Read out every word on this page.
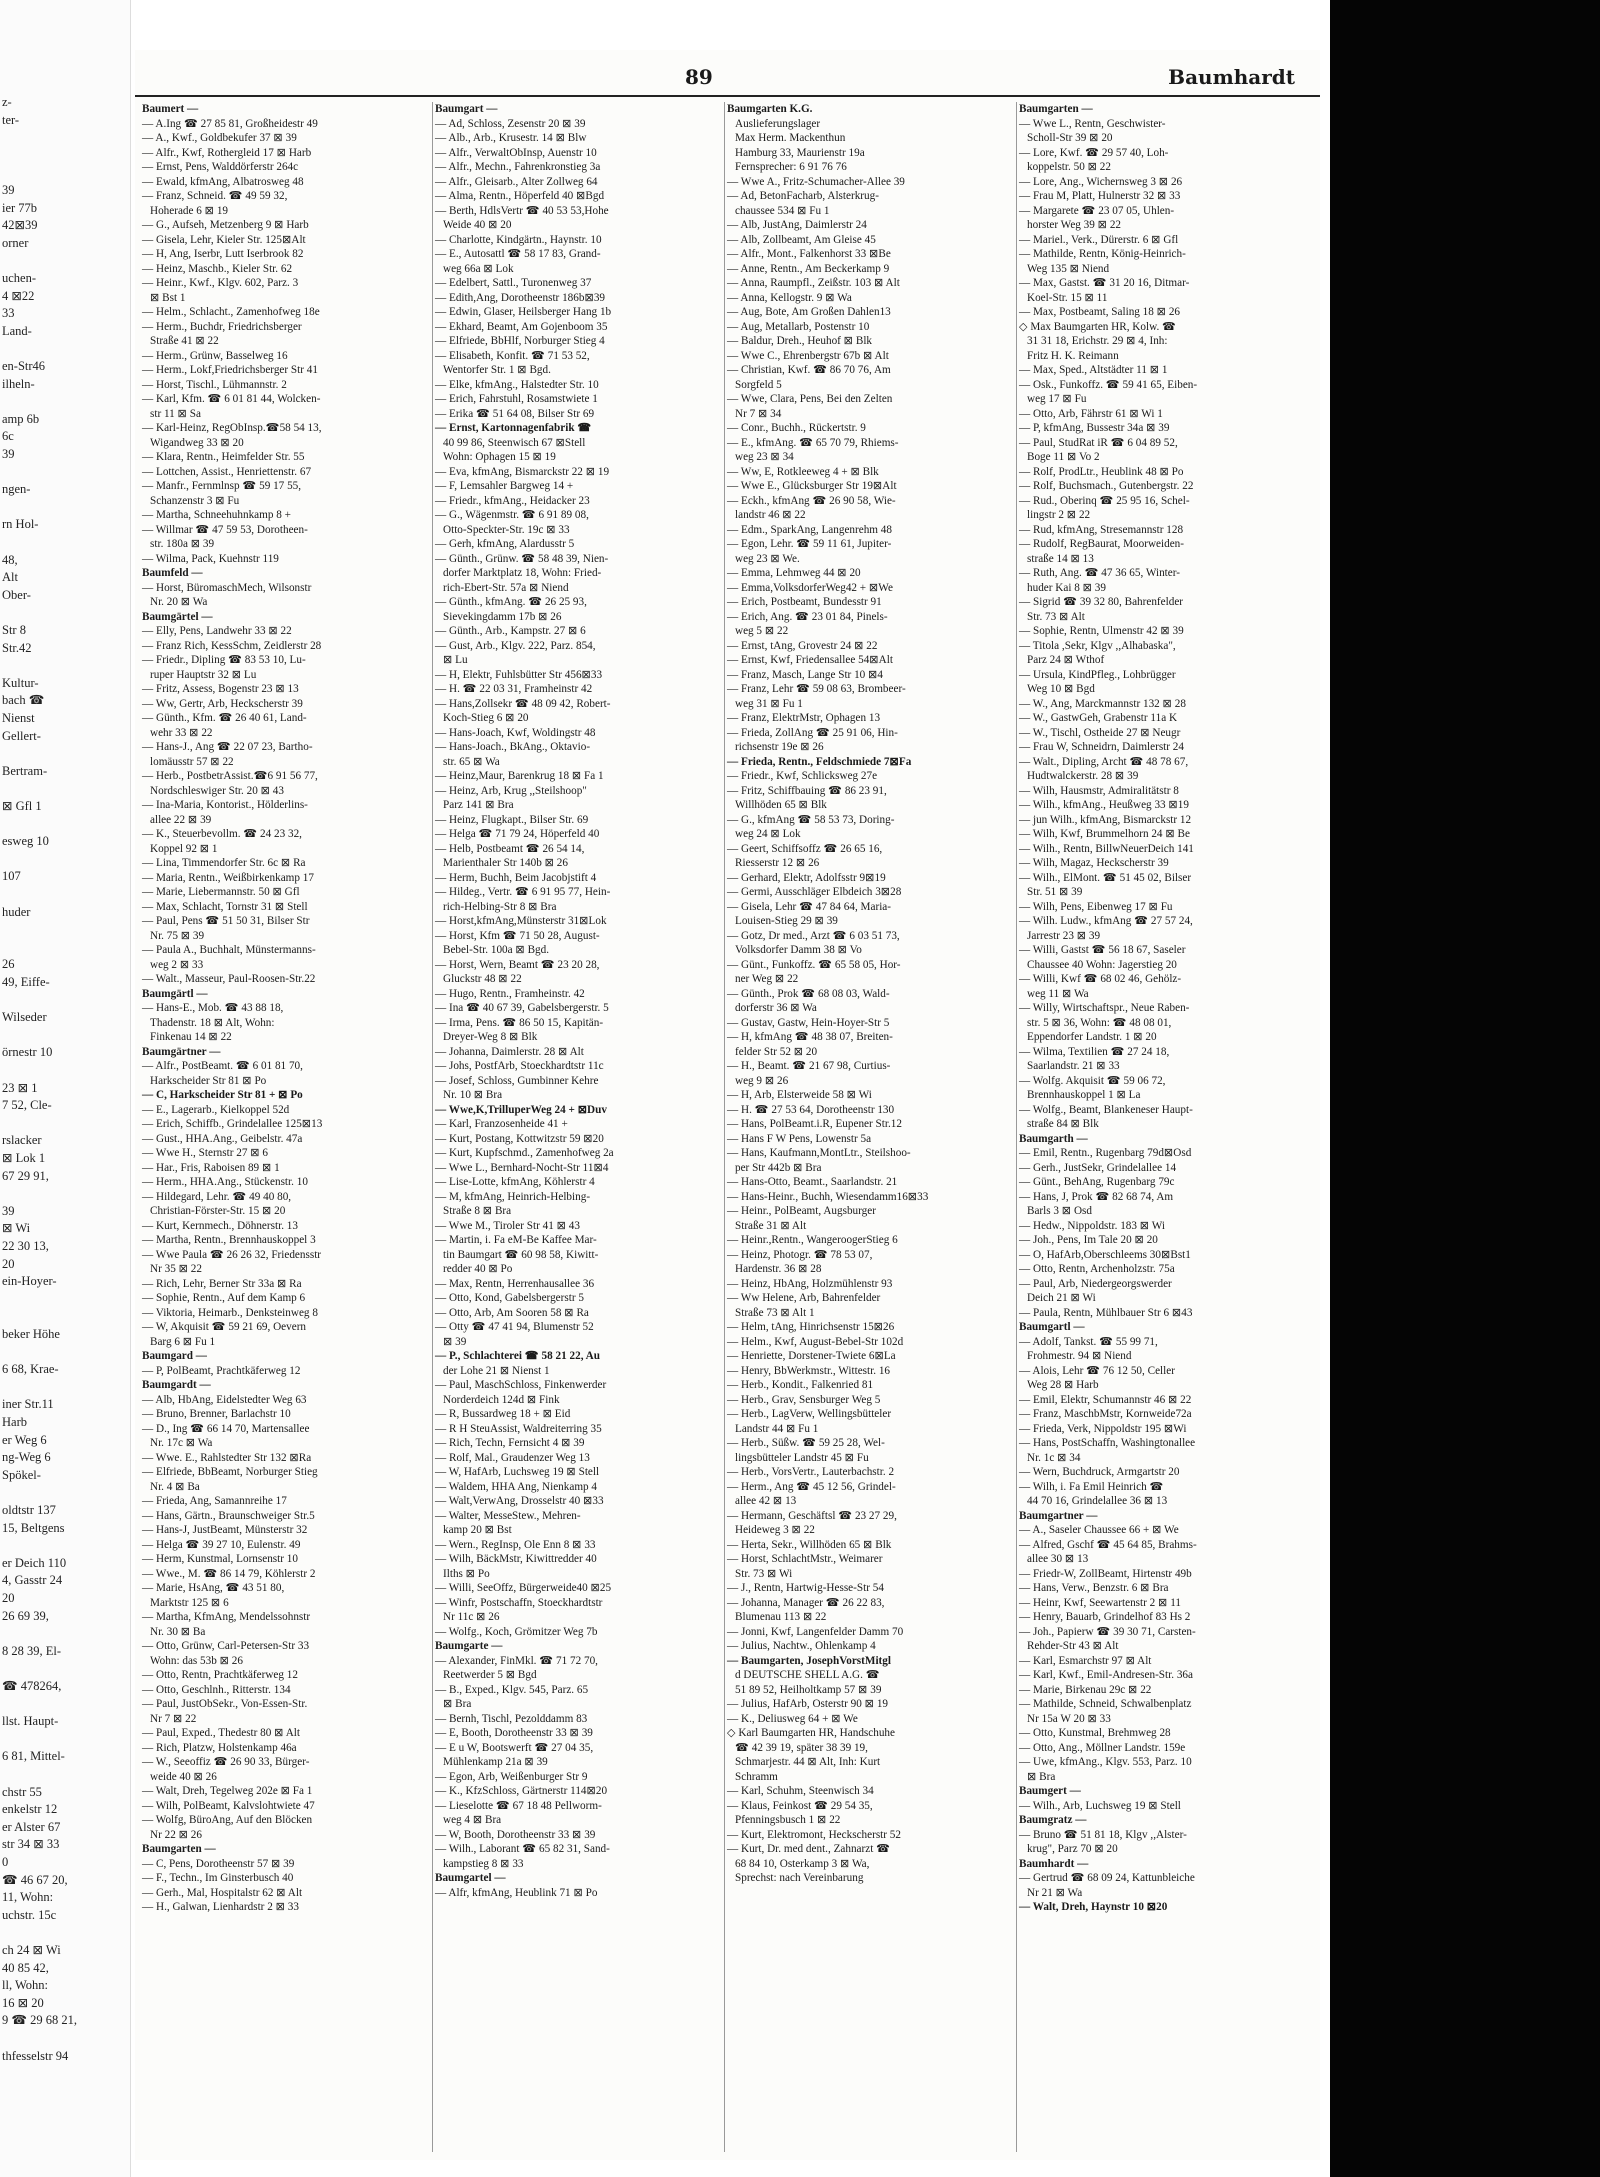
z-
ter-
39
ier 77b
42⊠39
orner
uchen-
4 ⊠22
33
Land-
en-Str46
ilheln-
amp 6b
6c
39
ngen-
rn Hol-
48,
Alt
Ober-
Str 8
Str.42
Kultur-
bach ☎
Nienst
Gellert-
Bertram-
⊠ Gfl 1
esweg 10
107
huder
26
49, Eiffe-
Wilseder
örnestr 10
23 ⊠ 1
7 52, Cle-
rslacker
⊠ Lok 1
67 29 91,
39
⊠ Wi
22 30 13,
20
ein-Hoyer-
beker Höhe
6 68, Krae-
iner Str.11
Harb
er Weg 6
ng-Weg 6
Spökel-
oldtstr 137
15, Beltgens
er Deich 110
4, Gasstr 24
20
26 69 39,
8 28 39, El-
☎ 478264,
llst. Haupt-
6 81, Mittel-
chstr 55
enkelstr 12
er Alster 67
str 34 ⊠ 33
0
☎ 46 67 20,
11, Wohn:
uchstr. 15c
ch 24 ⊠ Wi
40 85 42,
ll, Wohn:
16 ⊠ 20
9 ☎ 29 68 21,
thfesselstr 94
89	Baumhardt
Baumert —
— A.Ing ☎ 27 85 81, Großheidestr 49
— A., Kwf., Goldbekufer 37 ⊠ 39
— Alfr., Kwf, Rothergleid 17 ⊠ Harb
— Ernst, Pens, Walddörferstr 264c
— Ewald, kfmAng, Albatrosweg 48
— Franz, Schneid. ☎ 49 59 32,
Hoheradе 6 ⊠ 19
— G., Aufseh, Metzenberg 9 ⊠ Harb
— Gisela, Lehr, Kieler Str. 125⊠Alt
— H, Ang, Iserbr, Lutt Iserbrook 82
— Heinz, Maschb., Kieler Str. 62
— Heinr., Kwf., Klgv. 602, Parz. 3
⊠ Bst 1
— Helm., Schlacht., Zamenhofweg 18e
— Herm., Buchdr, Friedrichsberger
Straße 41 ⊠ 22
— Herm., Grünw, Basselweg 16
— Herm., Lokf,Friedrichsberger Str 41
— Horst, Tischl., Lühmannstr. 2
— Karl, Kfm. ☎ 6 01 81 44, Wolcken-
str 11 ⊠ Sa
— Karl-Heinz, RegObInsp.☎58 54 13,
Wigandweg 33 ⊠ 20
— Klara, Rentn., Heimfelder Str. 55
— Lottchen, Assist., Henriettenstr. 67
— Manfr., Fernmlnsp ☎ 59 17 55,
Schanzenstr 3 ⊠ Fu
— Martha, Schneehuhnkamp 8 +
— Willmar ☎ 47 59 53, Dorotheen-
str. 180a ⊠ 39
— Wilma, Pack, Kuehnstr 119
Baumfeld —
— Horst, BüromaschMech, Wilsonstr
Nr. 20 ⊠ Wa
Baumgärtel —
— Elly, Pens, Landwehr 33 ⊠ 22
— Franz Rich, KessSchm, Zeidlerstr 28
— Friedr., Dipling ☎ 83 53 10, Lu-
ruper Hauptstr 32 ⊠ Lu
— Fritz, Assess, Bogenstr 23 ⊠ 13
— Ww, Gertr, Arb, Heckscherstr 39
— Günth., Kfm. ☎ 26 40 61, Land-
wehr 33 ⊠ 22
— Hans-J., Ang ☎ 22 07 23, Bartho-
lomäusstr 57 ⊠ 22
— Herb., PostbetrAssist.☎6 91 56 77,
Nordschleswiger Str. 20 ⊠ 43
— Ina-Maria, Kontorist., Hölderlins-
allee 22 ⊠ 39
— K., Steuerbevollm. ☎ 24 23 32,
Koppel 92 ⊠ 1
— Lina, Timmendorfer Str. 6c ⊠ Ra
— Maria, Rentn., Weißbirkenkamp 17
— Marie, Liebermannstr. 50 ⊠ Gfl
— Max, Schlacht, Tornstr 31 ⊠ Stell
— Paul, Pens ☎ 51 50 31, Bilser Str
Nr. 75 ⊠ 39
— Paula A., Buchhalt, Münstermanns-
weg 2 ⊠ 33
— Walt., Masseur, Paul-Roosen-Str.22
Baumgärtl —
— Hans-E., Mob. ☎ 43 88 18,
Thadenstr. 18 ⊠ Alt, Wohn:
Finkenau 14 ⊠ 22
Baumgärtner —
— Alfr., PostBeamt. ☎ 6 01 81 70,
Harkscheider Str 81 ⊠ Po
— C, Harkscheider Str 81 + ⊠ Po
— E., Lagerarb., Kielkoppel 52d
— Erich, Schiffb., Grindelallee 125⊠13
— Gust., HHA.Ang., Geibelstr. 47a
— Wwe H., Sternstr 27 ⊠ 6
— Har., Fris, Raboisen 89 ⊠ 1
— Herm., HHA.Ang., Stückenstr. 10
— Hildegard, Lehr. ☎ 49 40 80,
Christian-Förster-Str. 15 ⊠ 20
— Kurt, Kernmech., Döhnerstr. 13
— Martha, Rentn., Brennhauskoppel 3
— Wwe Paula ☎ 26 26 32, Friedensstr
Nr 35 ⊠ 22
— Rich, Lehr, Berner Str 33a ⊠ Ra
— Sophie, Rentn., Auf dem Kamp 6
— Viktoria, Heimarb., Denksteinweg 8
— W, Akquisit ☎ 59 21 69, Oevern
Barg 6 ⊠ Fu 1
Baumgard —
— P, PolBeamt, Prachtkäferweg 12
Baumgardt —
— Alb, HbAng, Eidelstedter Weg 63
— Bruno, Brenner, Barlachstr 10
— D., Ing ☎ 66 14 70, Martensallee
Nr. 17c ⊠ Wa
— Wwe. E., Rahlstedter Str 132 ⊠Ra
— Elfriede, BbBeamt, Norburger Stieg
Nr. 4 ⊠ Ba
— Frieda, Ang, Samannreihe 17
— Hans, Gärtn., Braunschweiger Str.5
— Hans-J, JustBeamt, Münsterstr 32
— Helga ☎ 39 27 10, Eulenstr. 49
— Herm, Kunstmal, Lornsenstr 10
— Wwe., M. ☎ 86 14 79, Köhlerstr 2
— Marie, HsAng, ☎ 43 51 80,
Marktstr 125 ⊠ 6
— Martha, KfmAng, Mendelssohnstr
Nr. 30 ⊠ Ba
— Otto, Grünw, Carl-Petersen-Str 33
Wohn: das 53b ⊠ 26
— Otto, Rentn, Prachtkäferweg 12
— Otto, Geschlnh., Ritterstr. 134
— Paul, JustObSekr., Von-Essen-Str.
Nr 7 ⊠ 22
— Paul, Exped., Thedestr 80 ⊠ Alt
— Rich, Platzw, Holstenkamp 46a
— W., Seeoffiz ☎ 26 90 33, Bürger-
weide 40 ⊠ 26
— Walt, Dreh, Tegelweg 202e ⊠ Fa 1
— Wilh, PolBeamt, Kalvslohtwiete 47
— Wolfg, BüroAng, Auf den Blöcken
Nr 22 ⊠ 26
Baumgarten —
— C, Pens, Dorotheenstr 57 ⊠ 39
— F., Techn., Im Ginsterbusch 40
— Gerh., Mal, Hospitalstr 62 ⊠ Alt
— H., Galwan, Lienhardstr 2 ⊠ 33
Baumgart —
— Ad, Schloss, Zesenstr 20 ⊠ 39
— Alb., Arb., Krusestr. 14 ⊠ Blw
— Alfr., VerwaltObInsp, Auenstr 10
— Alfr., Mechn., Fahrenkronstieg 3a
— Alfr., Gleisarb., Alter Zollweg 64
— Alma, Rentn., Höperfeld 40 ⊠Bgd
— Berth, HdlsVertr ☎ 40 53 53,Hohe
Weide 40 ⊠ 20
— Charlotte, Kindgärtn., Haynstr. 10
— E., Autosattl ☎ 58 17 83, Grand-
weg 66a ⊠ Lok
— Edelbert, Sattl., Turonenweg 37
— Edith,Ang, Dorotheenstr 186b⊠39
— Edwin, Glaser, Heilsberger Hang 1b
— Ekhard, Beamt, Am Gojenboom 35
— Elfriede, BbHlf, Norburger Stieg 4
— Elisabeth, Konfit. ☎ 71 53 52,
Wentorfer Str. 1 ⊠ Bgd.
— Elke, kfmAng., Halstedter Str. 10
— Erich, Fahrstuhl, Rosamstwiete 1
— Erika ☎ 51 64 08, Bilser Str 69
— Ernst, Kartonnagenfabrik ☎
40 99 86, Steenwisch 67 ⊠Stell
Wohn: Ophagen 15 ⊠ 19
— Eva, kfmAng, Bismarckstr 22 ⊠ 19
— F, Lemsahler Bargweg 14 +
— Friedr., kfmAng., Heidacker 23
— G., Wägenmstr. ☎ 6 91 89 08,
Otto-Speckter-Str. 19c ⊠ 33
— Gerh, kfmAng, Alardusstr 5
— Günth., Grünw. ☎ 58 48 39, Nien-
dorfer Marktplatz 18, Wohn: Fried-
rich-Ebert-Str. 57a ⊠ Niend
— Günth., kfmAng. ☎ 26 25 93,
Sievekingdamm 17b ⊠ 26
— Günth., Arb., Kampstr. 27 ⊠ 6
— Gust, Arb., Klgv. 222, Parz. 854,
⊠ Lu
— H, Elektr, Fuhlsbütter Str 456⊠33
— H. ☎ 22 03 31, Framheinstr 42
— Hans,Zollsekr ☎ 48 09 42, Robert-
Koch-Stieg 6 ⊠ 20
— Hans-Joach, Kwf, Woldingstr 48
— Hans-Joach., BkAng., Oktavio-
str. 65 ⊠ Wa
— Heinz,Maur, Barenkrug 18 ⊠ Fa 1
— Heinz, Arb, Krug ,,Steilshoop"
Parz 141 ⊠ Bra
— Heinz, Flugkapt., Bilser Str. 69
— Helga ☎ 71 79 24, Höperfeld 40
— Helb, Postbeamt ☎ 26 54 14,
Marienthaler Str 140b ⊠ 26
— Herm, Buchh, Beim Jacobjstift 4
— Hildeg., Vertr. ☎ 6 91 95 77, Hein-
rich-Helbing-Str 8 ⊠ Bra
— Horst,kfmAng,Münsterstr 31⊠Lok
— Horst, Kfm ☎ 71 50 28, August-
Bebel-Str. 100a ⊠ Bgd.
— Horst, Wern, Beamt ☎ 23 20 28,
Gluckstr 48 ⊠ 22
— Hugo, Rentn., Framheinstr. 42
— Ina ☎ 40 67 39, Gabelsbergerstr. 5
— Irma, Pens. ☎ 86 50 15, Kapitän-
Dreyer-Weg 8 ⊠ Blk
— Johanna, Daimlerstr. 28 ⊠ Alt
— Johs, PostfArb, Stoeckhardtstr 11c
— Josef, Schloss, Gumbinner Kehre
Nr. 10 ⊠ Bra
— Wwe,K,TrilluperWeg 24 + ⊠Duv
— Karl, Franzosenheide 41 +
— Kurt, Postang, Kottwitzstr 59 ⊠20
— Kurt, Kupfschmd., Zamenhofweg 2a
— Wwe L., Bernhard-Nocht-Str 11⊠4
— Lise-Lotte, kfmAng, Köhlerstr 4
— M, kfmAng, Heinrich-Helbing-
Straße 8 ⊠ Bra
— Wwe M., Tiroler Str 41 ⊠ 43
— Martin, i. Fa eM-Be Kaffee Mar-
tin Baumgart ☎ 60 98 58, Kiwitt-
redder 40 ⊠ Po
— Max, Rentn, Herrenhausallee 36
— Otto, Kond, Gabelsbergerstr 5
— Otto, Arb, Am Sooren 58 ⊠ Ra
— Otty ☎ 47 41 94, Blumenstr 52
⊠ 39
— P., Schlachterei ☎ 58 21 22, Au
der Lohe 21 ⊠ Nienst 1
— Paul, MaschSchloss, Finkenwerder
Norderdeich 124d ⊠ Fink
— R, Bussardweg 18 + ⊠ Eid
— R H SteuAssist, Waldreiterring 35
— Rich, Techn, Fernsicht 4 ⊠ 39
— Rolf, Mal., Graudenzer Weg 13
— W, HafArb, Luchsweg 19 ⊠ Stell
— Waldem, HHA Ang, Nienkamp 4
— Walt,VerwAng, Drosselstr 40 ⊠33
— Walter, MesseStew., Mehren-
kamp 20 ⊠ Bst
— Wern., RegInsp, Ole Enn 8 ⊠ 33
— Wilh, BäckMstr, Kiwittredder 40
Ilths ⊠ Po
— Willi, SeeOffz, Bürgerweide40 ⊠25
— Winfr, Postschaffn, Stoeckhardtstr
Nr 11c ⊠ 26
— Wolfg., Koch, Grömitzer Weg 7b
Baumgarte —
— Alexander, FinMkl. ☎ 71 72 70,
Reetwerder 5 ⊠ Bgd
— B., Exped., Klgv. 545, Parz. 65
⊠ Bra
— Bernh, Tischl, Pezolddamm 83
— E, Booth, Dorotheenstr 33 ⊠ 39
— E u W, Bootswerft ☎ 27 04 35,
Mühlenkamp 21a ⊠ 39
— Egon, Arb, Weißenburger Str 9
— K., KfzSchloss, Gärtnerstr 114⊠20
— Lieselotte ☎ 67 18 48 Pellworm-
weg 4 ⊠ Bra
— W, Booth, Dorotheenstr 33 ⊠ 39
— Wilh., Laborant ☎ 65 82 31, Sand-
kampstieg 8 ⊠ 33
Baumgartel —
— Alfr, kfmAng, Heublink 71 ⊠ Po
Baumgarten K.G.
Auslieferungslager
Max Herm. Mackenthun
Hamburg 33, Maurienstr 19a
Fernsprecher: 6 91 76 76
— Wwe A., Fritz-Schumacher-Allee 39
— Ad, BetonFacharb, Alsterkrug-
chaussee 534 ⊠ Fu 1
— Alb, JustAng, Daimlerstr 24
— Alb, Zollbeamt, Am Gleise 45
— Alfr., Mont., Falkenhorst 33 ⊠Be
— Anne, Rentn., Am Beckerkamp 9
— Anna, Raumpfl., Zeißstr. 103 ⊠ Alt
— Anna, Kellogstr. 9 ⊠ Wa
— Aug, Bote, Am Großen Dahlen13
— Aug, Metallarb, Postenstr 10
— Baldur, Dreh., Heuhof ⊠ Blk
— Wwe C., Ehrenbergstr 67b ⊠ Alt
— Christian, Kwf. ☎ 86 70 76, Am
Sorgfeld 5
— Wwe, Clara, Pens, Bei den Zelten
Nr 7 ⊠ 34
— Conr., Buchh., Rückertstr. 9
— E., kfmAng. ☎ 65 70 79, Rhiems-
weg 23 ⊠ 34
— Ww, E, Rotkleeweg 4 + ⊠ Blk
— Wwe E., Glücksburger Str 19⊠Alt
— Eckh., kfmAng ☎ 26 90 58, Wie-
landstr 46 ⊠ 22
— Edm., SparkAng, Langenrehm 48
— Egon, Lehr. ☎ 59 11 61, Jupiter-
weg 23 ⊠ We.
— Emma, Lehmweg 44 ⊠ 20
— Emma,VolksdorferWeg42 + ⊠We
— Erich, Postbeamt, Bundesstr 91
— Erich, Ang. ☎ 23 01 84, Pinels-
weg 5 ⊠ 22
— Ernst, tAng, Grovestr 24 ⊠ 22
— Ernst, Kwf, Friedensallee 54⊠Alt
— Franz, Masch, Lange Str 10 ⊠4
— Franz, Lehr ☎ 59 08 63, Brombeer-
weg 31 ⊠ Fu 1
— Franz, ElektrMstr, Ophagen 13
— Frieda, ZollAng ☎ 25 91 06, Hin-
richsenstr 19e ⊠ 26
— Frieda, Rentn., Feldschmiede 7⊠Fa
— Friedr., Kwf, Schlicksweg 27e
— Fritz, Schiffbauing ☎ 86 23 91,
Willhöden 65 ⊠ Blk
— G., kfmAng ☎ 58 53 73, Doring-
weg 24 ⊠ Lok
— Geert, Schiffsoffz ☎ 26 65 16,
Riesserstr 12 ⊠ 26
— Gerhard, Elektr, Adolfsstr 9⊠19
— Germi, Ausschläger Elbdeich 3⊠28
— Gisela, Lehr ☎ 47 84 64, Maria-
Louisen-Stieg 29 ⊠ 39
— Gotz, Dr med., Arzt ☎ 6 03 51 73,
Volksdorfer Damm 38 ⊠ Vo
— Günt., Funkoffz. ☎ 65 58 05, Hor-
ner Weg ⊠ 22
— Günth., Prok ☎ 68 08 03, Wald-
dorferstr 36 ⊠ Wa
— Gustav, Gastw, Hein-Hoyer-Str 5
— H, kfmAng ☎ 48 38 07, Breiten-
felder Str 52 ⊠ 20
— H., Beamt. ☎ 21 67 98, Curtius-
weg 9 ⊠ 26
— H, Arb, Elsterweide 58 ⊠ Wi
— H. ☎ 27 53 64, Dorotheenstr 130
— Hans, PolBeamt.i.R, Eupener Str.12
— Hans F W Pens, Lowenstr 5a
— Hans, Kaufmann,MontLtr., Steilshoo-
per Str 442b ⊠ Bra
— Hans-Otto, Beamt., Saarlandstr. 21
— Hans-Heinr., Buchh, Wiesendamm16⊠33
— Heinr., PolBeamt, Augsburger
Straße 31 ⊠ Alt
— Heinr.,Rentn., WangeroogerStieg 6
— Heinz, Photogr. ☎ 78 53 07,
Hardenstr. 36 ⊠ 28
— Heinz, HbAng, Holzmühlenstr 93
— Ww Helene, Arb, Bahrenfelder
Straße 73 ⊠ Alt 1
— Helm, tAng, Hinrichsenstr 15⊠26
— Helm., Kwf, August-Bebel-Str 102d
— Henriette, Dorstener-Twiete 6⊠La
— Henry, BbWerkmstr., Wittestr. 16
— Herb., Kondit., Falkenried 81
— Herb., Grav, Sensburger Weg 5
— Herb., LagVerw, Wellingsbütteler
Landstr 44 ⊠ Fu 1
— Herb., Süßw. ☎ 59 25 28, Wel-
lingsbütteler Landstr 45 ⊠ Fu
— Herb., VorsVertr., Lauterbachstr. 2
— Herm., Ang ☎ 45 12 56, Grindel-
allee 42 ⊠ 13
— Hermann, Geschäftsl ☎ 23 27 29,
Heideweg 3 ⊠ 22
— Herta, Sekr., Willhöden 65 ⊠ Blk
— Horst, SchlachtMstr., Weimarer
Str. 73 ⊠ Wi
— J., Rentn, Hartwig-Hesse-Str 54
— Johanna, Manager ☎ 26 22 83,
Blumenau 113 ⊠ 22
— Jonni, Kwf, Langenfelder Damm 70
— Julius, Nachtw., Ohlenkamp 4
— Baumgarten, JosephVorstMitgl
d DEUTSCHE SHELL A.G. ☎
51 89 52, Heilholtkamp 57 ⊠ 39
— Julius, HafArb, Osterstr 90 ⊠ 19
— K., Deliusweg 64 + ⊠ We
◇ Karl Baumgarten HR, Handschuhe
☎ 42 39 19, später 38 39 19,
Schmarjestr. 44 ⊠ Alt, Inh: Kurt
Schramm
— Karl, Schuhm, Steenwisch 34
— Klaus, Feinkost ☎ 29 54 35,
Pfenningsbusch 1 ⊠ 22
— Kurt, Elektromont, Heckscherstr 52
— Kurt, Dr. med dent., Zahnarzt ☎
68 84 10, Osterkamp 3 ⊠ Wa,
Sprechst: nach Vereinbarung
Baumgarten —
— Wwe L., Rentn, Geschwister-
Scholl-Str 39 ⊠ 20
— Lore, Kwf. ☎ 29 57 40, Loh-
koppelstr. 50 ⊠ 22
— Lore, Ang., Wichernsweg 3 ⊠ 26
— Frau M, Platt, Hulnerstr 32 ⊠ 33
— Margarete ☎ 23 07 05, Uhlen-
horster Weg 39 ⊠ 22
— Mariel., Verk., Dürerstr. 6 ⊠ Gfl
— Mathilde, Rentn, König-Heinrich-
Weg 135 ⊠ Niend
— Max, Gastst. ☎ 31 20 16, Ditmar-
Koel-Str. 15 ⊠ 11
— Max, Postbeamt, Saling 18 ⊠ 26
◇ Max Baumgarten HR, Kolw. ☎
31 31 18, Erichstr. 29 ⊠ 4, Inh:
Fritz H. K. Reimann
— Max, Sped., Altstädter 11 ⊠ 1
— Osk., Funkoffz. ☎ 59 41 65, Eiben-
weg 17 ⊠ Fu
— Otto, Arb, Fährstr 61 ⊠ Wi 1
— P, kfmAng, Bussestr 34a ⊠ 39
— Paul, StudRat iR ☎ 6 04 89 52,
Boge 11 ⊠ Vo 2
— Rolf, ProdLtr., Heublink 48 ⊠ Po
— Rolf, Buchsmach., Gutenbergstr. 22
— Rud., Oberinq ☎ 25 95 16, Schel-
lingstr 2 ⊠ 22
— Rud, kfmAng, Stresemannstr 128
— Rudolf, RegBaurat, Moorweiden-
straße 14 ⊠ 13
— Ruth, Ang. ☎ 47 36 65, Winter-
huder Kai 8 ⊠ 39
— Sigrid ☎ 39 32 80, Bahrenfelder
Str. 73 ⊠ Alt
— Sophie, Rentn, Ulmenstr 42 ⊠ 39
— Titola ,Sekr, Klgv ,,Alhabaska",
Parz 24 ⊠ Wthof
— Ursula, KindPfleg., Lohbrügger
Weg 10 ⊠ Bgd
— W., Ang, Marckmannstr 132 ⊠ 28
— W., GastwGeh, Grabenstr 11a K
— W., Tischl, Ostheide 27 ⊠ Neugr
— Frau W, Schneidrn, Daimlerstr 24
— Walt., Dipling, Archt ☎ 48 78 67,
Hudtwalckerstr. 28 ⊠ 39
— Wilh, Hausmstr, Admiralitätstr 8
— Wilh., kfmAng., Heußweg 33 ⊠19
— jun Wilh., kfmAng, Bismarckstr 12
— Wilh, Kwf, Brummelhorn 24 ⊠ Be
— Wilh., Rentn, BillwNeuerDeich 141
— Wilh, Magaz, Heckscherstr 39
— Wilh., ElMont. ☎ 51 45 02, Bilser
Str. 51 ⊠ 39
— Wilh, Pens, Eibenweg 17 ⊠ Fu
— Wilh. Ludw., kfmAng ☎ 27 57 24,
Jarrestr 23 ⊠ 39
— Willi, Gastst ☎ 56 18 67, Saseler
Chaussee 40 Wohn: Jagerstieg 20
— Willi, Kwf ☎ 68 02 46, Gehölz-
weg 11 ⊠ Wa
— Willy, Wirtschaftspr., Neue Raben-
str. 5 ⊠ 36, Wohn: ☎ 48 08 01,
Eppendorfer Landstr. 1 ⊠ 20
— Wilma, Textilien ☎ 27 24 18,
Saarlandstr. 21 ⊠ 33
— Wolfg. Akquisit ☎ 59 06 72,
Brennhauskoppel 1 ⊠ La
— Wolfg., Beamt, Blankeneser Haupt-
straße 84 ⊠ Blk
Baumgarth —
— Emil, Rentn., Rugenbarg 79d⊠Osd
— Gerh., JustSekr, Grindelallee 14
— Günt., BehAng, Rugenbarg 79c
— Hans, J, Prok ☎ 82 68 74, Am
Barls 3 ⊠ Osd
— Hedw., Nippoldstr. 183 ⊠ Wi
— Joh., Pens, Im Tale 20 ⊠ 20
— O, HafArb,Oberschleems 30⊠Bst1
— Otto, Rentn, Archenholzstr. 75a
— Paul, Arb, Niedergeorgswerder
Deich 21 ⊠ Wi
— Paula, Rentn, Mühlbauer Str 6 ⊠43
Baumgartl —
— Adolf, Tankst. ☎ 55 99 71,
Frohmestr. 94 ⊠ Niend
— Alois, Lehr ☎ 76 12 50, Celler
Weg 28 ⊠ Harb
— Emil, Elektr, Schumannstr 46 ⊠ 22
— Franz, MaschbMstr, Kornweide72a
— Frieda, Verk, Nippoldstr 195 ⊠Wi
— Hans, PostSchaffn, Washingtonallee
Nr. 1c ⊠ 34
— Wern, Buchdruck, Armgartstr 20
— Wilh, i. Fa Emil Heinrich ☎
44 70 16, Grindelallee 36 ⊠ 13
Baumgartner —
— A., Saseler Chaussee 66 + ⊠ We
— Alfred, Gschf ☎ 45 64 85, Brahms-
allee 30 ⊠ 13
— Friedr-W, ZollBeamt, Hirtenstr 49b
— Hans, Verw., Benzstr. 6 ⊠ Bra
— Heinr, Kwf, Seewartenstr 2 ⊠ 11
— Henry, Bauarb, Grindelhof 83 Hs 2
— Joh., Papierw ☎ 39 30 71, Carsten-
Rehder-Str 43 ⊠ Alt
— Karl, Esmarchstr 97 ⊠ Alt
— Karl, Kwf., Emil-Andresen-Str. 36a
— Marie, Birkenau 29c ⊠ 22
— Mathilde, Schneid, Schwalbenplatz
Nr 15a W 20 ⊠ 33
— Otto, Kunstmal, Brehmweg 28
— Otto, Ang., Möllner Landstr. 159e
— Uwe, kfmAng., Klgv. 553, Parz. 10
⊠ Bra
Baumgert —
— Wilh., Arb, Luchsweg 19 ⊠ Stell
Baumgratz —
— Bruno ☎ 51 81 18, Klgv ,,Alster-
krug", Parz 70 ⊠ 20
Baumhardt —
— Gertrud ☎ 68 09 24, Kattunbleiche
Nr 21 ⊠ Wa
— Walt, Dreh, Haynstr 10 ⊠20
